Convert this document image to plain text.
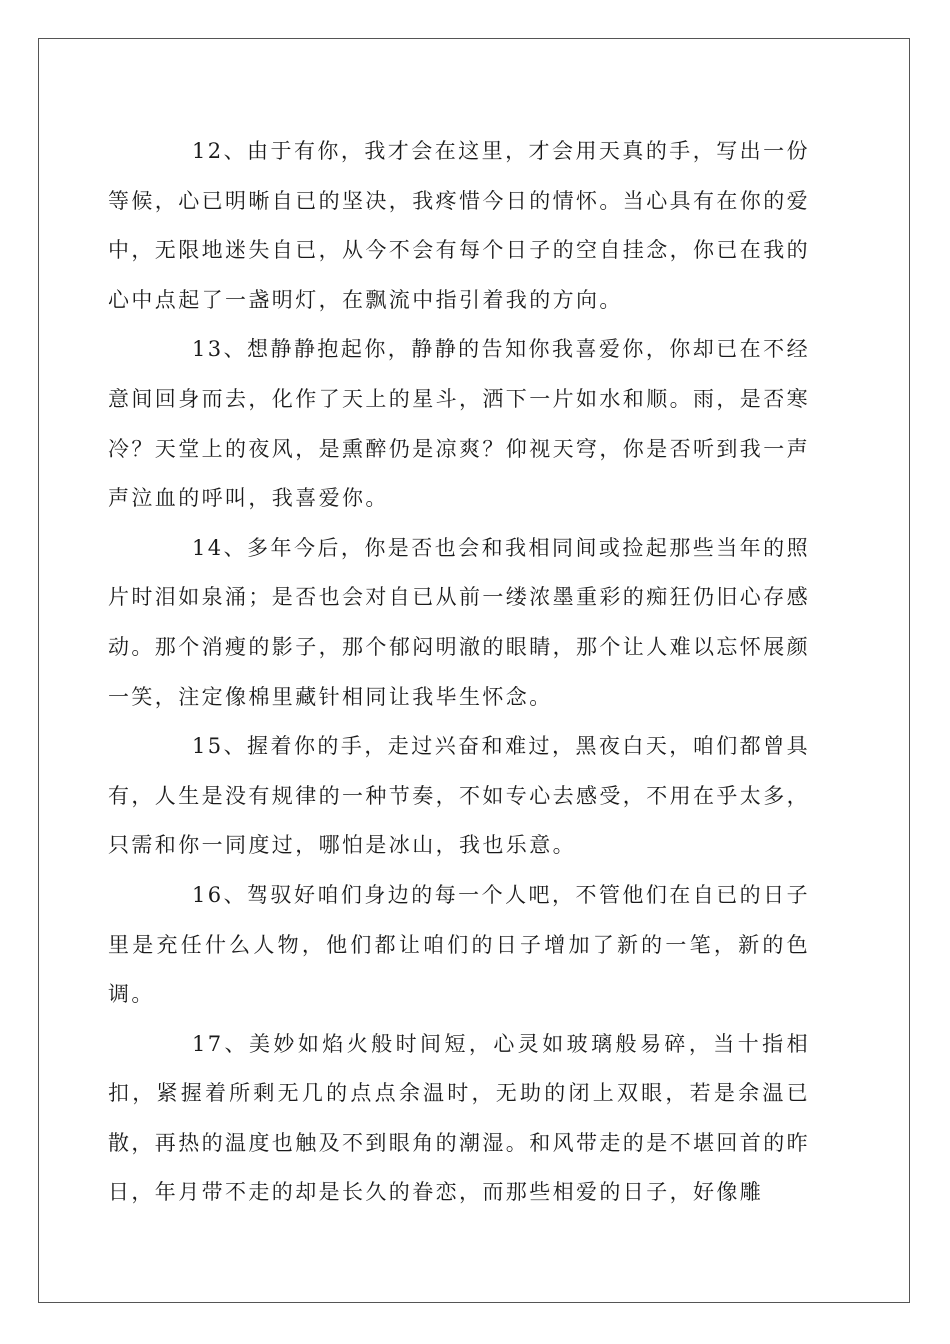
12、由于有你，我才会在这里，才会用天真的手，写出一份等候，心已明晰自已的坚决，我疼惜今日的情怀。当心具有在你的爱中，无限地迷失自已，从今不会有每个日子的空自挂念，你已在我的心中点起了一盏明灯，在飘流中指引着我的方向。

13、想静静抱起你，静静的告知你我喜爱你，你却已在不经意间回身而去，化作了天上的星斗，洒下一片如水和顺。雨，是否寒冷？天堂上的夜风，是熏醉仍是凉爽？仰视天穹，你是否听到我一声声泣血的呼叫，我喜爱你。

14、多年今后，你是否也会和我相同间或捡起那些当年的照片时泪如泉涌；是否也会对自已从前一缕浓墨重彩的痴狂仍旧心存感动。那个消瘦的影子，那个郁闷明澈的眼睛，那个让人难以忘怀展颜一笑，注定像棉里藏针相同让我毕生怀念。

15、握着你的手，走过兴奋和难过，黑夜白天，咱们都曾具有，人生是没有规律的一种节奏，不如专心去感受，不用在乎太多，只需和你一同度过，哪怕是冰山，我也乐意。

16、驾驭好咱们身边的每一个人吧，不管他们在自已的日子里是充任什么人物，他们都让咱们的日子增加了新的一笔，新的色调。

17、美妙如焰火般时间短，心灵如玻璃般易碎，当十指相扣，紧握着所剩无几的点点余温时，无助的闭上双眼，若是余温已散，再热的温度也触及不到眼角的潮湿。和风带走的是不堪回首的昨日，年月带不走的却是长久的眷恋，而那些相爱的日子，好像雕
